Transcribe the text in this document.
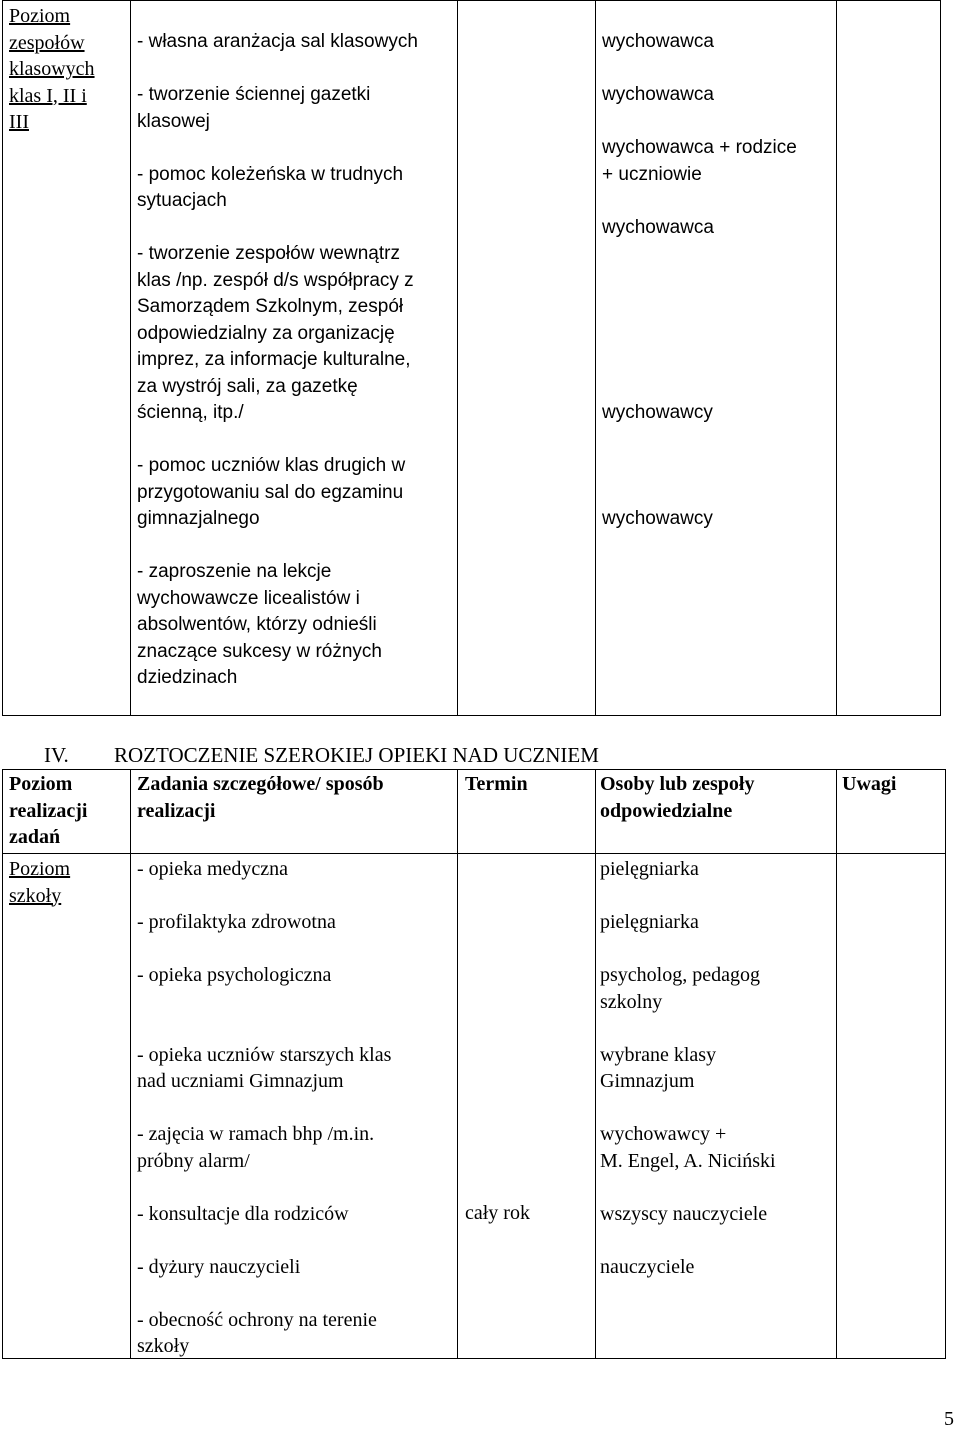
Poziom
zespołów
klasowych
klas I, II i
III
- własna aranżacja sal klasowych
- tworzenie ściennej gazetki
klasowej
- pomoc koleżeńska w trudnych
sytuacjach
- tworzenie zespołów wewnątrz
klas /np. zespół d/s współpracy z
Samorządem Szkolnym, zespół
odpowiedzialny za organizację
imprez, za informacje kulturalne,
za wystrój sali, za gazetkę
ścienną, itp./
- pomoc uczniów klas drugich w
przygotowaniu sal do egzaminu
gimnazjalnego
- zaproszenie na lekcje
wychowawcze licealistów i
absolwentów, którzy odnieśli
znaczące sukcesy w różnych
dziedzinach
wychowawca
wychowawca
wychowawca + rodzice
+ uczniowie
wychowawca
wychowawcy
wychowawcy
IV. ROZTOCZENIE SZEROKIEJ OPIEKI NAD UCZNIEM
Poziom
realizacji
zadań
Zadania szczegółowe/ sposób
realizacji
Termin	Osoby lub zespoły
odpowiedzialne
Uwagi
Poziom
szkoły
- opieka medyczna
- profilaktyka zdrowotna
- opieka psychologiczna
- opieka uczniów starszych klas
nad uczniami Gimnazjum
- zajęcia w ramach bhp /m.in.
próbny alarm/
- konsultacje dla rodziców
- dyżury nauczycieli
- obecność ochrony na terenie
szkoły
cały rok
pielęgniarka
pielęgniarka
psycholog, pedagog
szkolny
wybrane klasy
Gimnazjum
wychowawcy +
M. Engel, A. Niciński
wszyscy nauczyciele
nauczyciele
5
